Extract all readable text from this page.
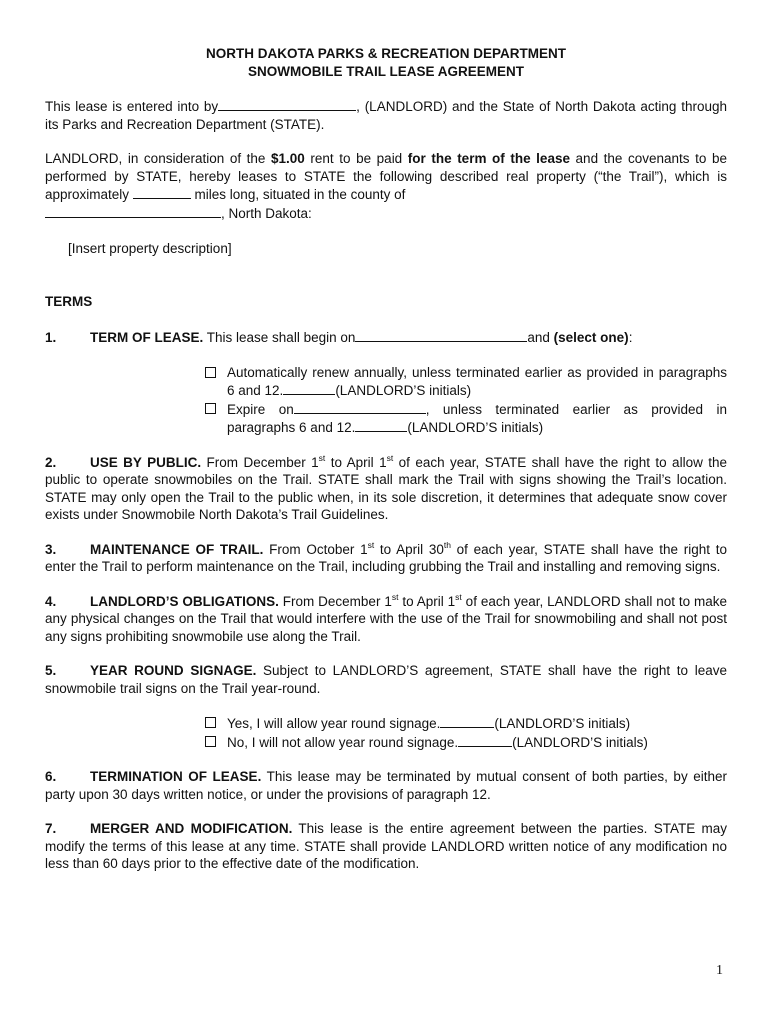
NORTH DAKOTA PARKS & RECREATION DEPARTMENT
SNOWMOBILE TRAIL LEASE AGREEMENT

This lease is entered into by	, (LANDLORD) and the State of North Dakota acting through its Parks and Recreation Department (STATE).

LANDLORD, in consideration of the $1.00 rent to be paid for the term of the lease and the covenants to be performed by STATE, hereby leases to STATE the following described real property (“the Trail”), which is approximately	miles long, situated in the county of
, North Dakota:

[Insert property description]

TERMS

1. TERM OF LEASE. This lease shall begin on	and (select one):

Automatically renew annually, unless terminated earlier as provided in paragraphs 6 and 12.	(LANDLORD’S initials)
Expire on	, unless terminated earlier as provided in paragraphs 6 and 12.	(LANDLORD’S initials)

2. USE BY PUBLIC. From December 1st to April 1st of each year, STATE shall have the right to allow the public to operate snowmobiles on the Trail. STATE shall mark the Trail with signs showing the Trail’s location. STATE may only open the Trail to the public when, in its sole discretion, it determines that adequate snow cover exists under Snowmobile North Dakota’s Trail Guidelines.

3. MAINTENANCE OF TRAIL. From October 1st to April 30th of each year, STATE shall have the right to enter the Trail to perform maintenance on the Trail, including grubbing the Trail and installing and removing signs.

4. LANDLORD’S OBLIGATIONS. From December 1st to April 1st of each year, LANDLORD shall not to make any physical changes on the Trail that would interfere with the use of the Trail for snowmobiling and shall not post any signs prohibiting snowmobile use along the Trail.

5. YEAR ROUND SIGNAGE. Subject to LANDLORD’S agreement, STATE shall have the right to leave snowmobile trail signs on the Trail year-round.

Yes, I will allow year round signage.	(LANDLORD’S initials)
No, I will not allow year round signage.	(LANDLORD’S initials)

6. TERMINATION OF LEASE. This lease may be terminated by mutual consent of both parties, by either party upon 30 days written notice, or under the provisions of paragraph 12.

7. MERGER AND MODIFICATION. This lease is the entire agreement between the parties. STATE may modify the terms of this lease at any time. STATE shall provide LANDLORD written notice of any modification no less than 60 days prior to the effective date of the modification.

1
